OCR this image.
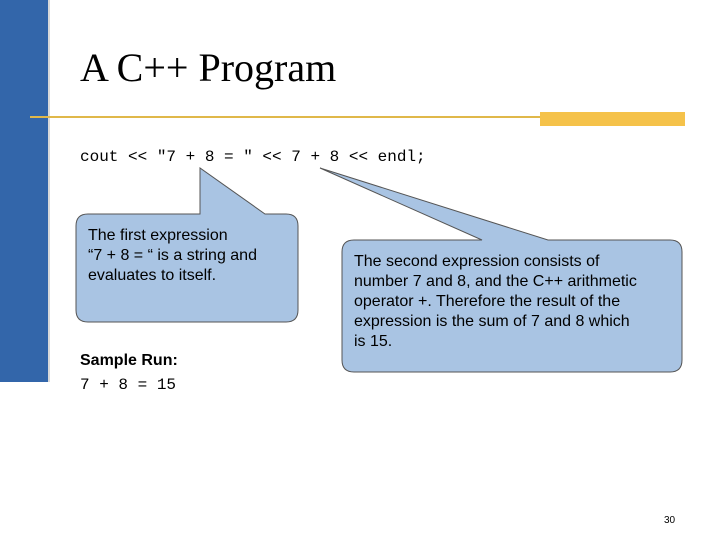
A C++ Program
cout << "7 + 8 = " << 7 + 8 << endl;
The first expression
“7 + 8 = “ is a string and
evaluates to itself.
The second expression consists of
number 7 and 8, and the C++ arithmetic
operator +. Therefore the result of the
expression is the sum of 7 and 8 which
is 15.
Sample Run:
7 + 8 = 15
30
